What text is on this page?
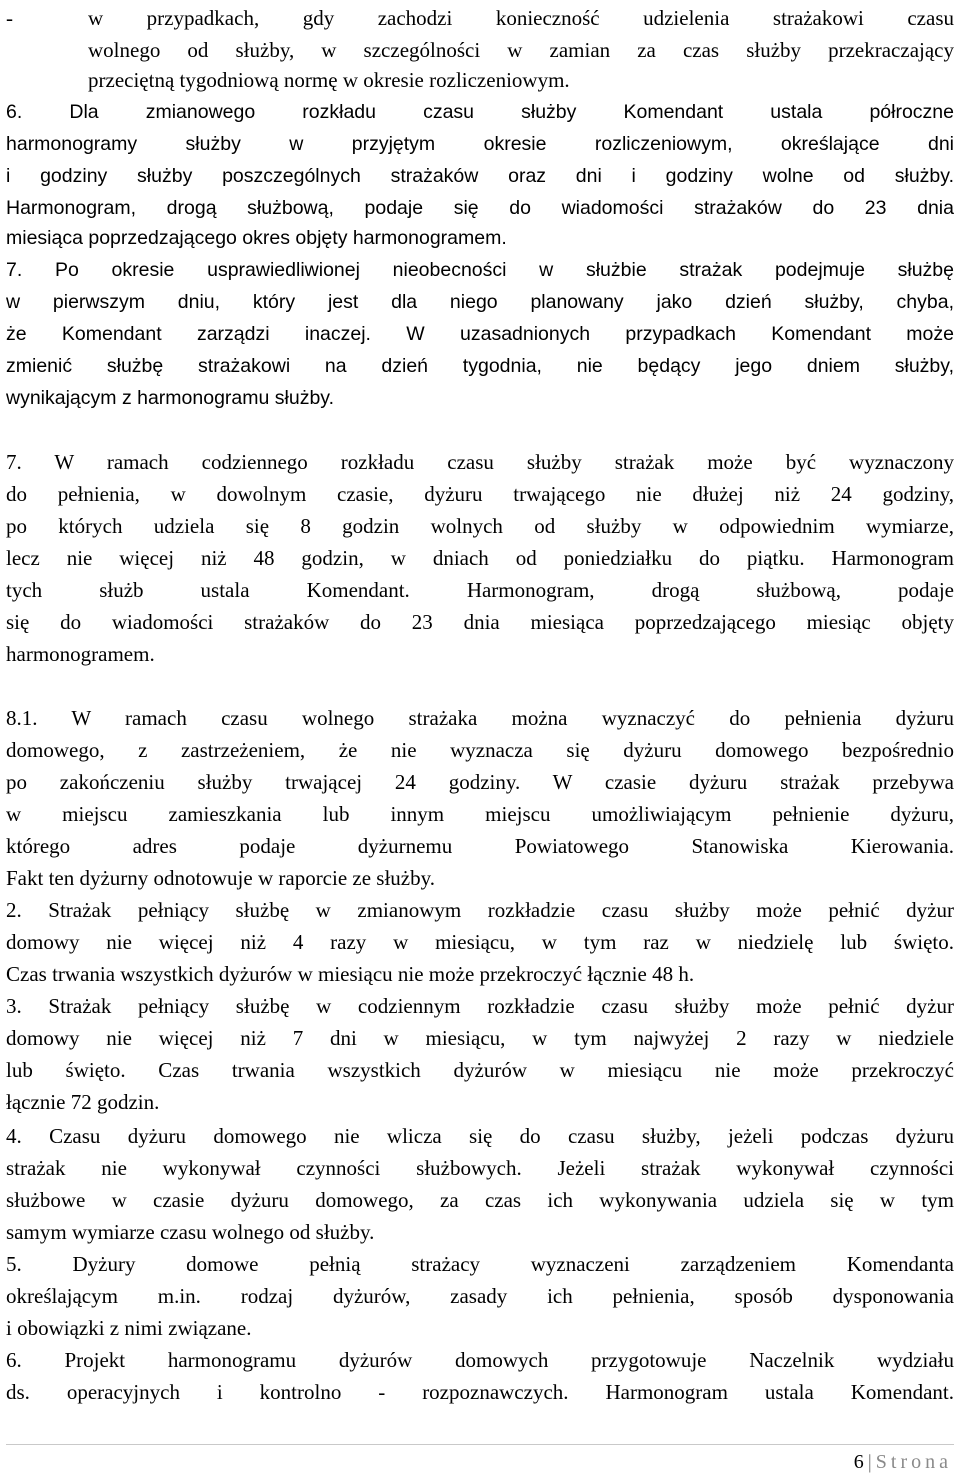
-	w przypadkach, gdy zachodzi konieczność udzielenia strażakowi czasu
wolnego od służby, w szczególności w zamian za czas służby przekraczający
przeciętną tygodniową normę w okresie rozliczeniowym.
6. Dla zmianowego rozkładu czasu służby Komendant ustala półroczne
harmonogramy służby w przyjętym okresie rozliczeniowym, określające dni
i godziny służby poszczególnych strażaków oraz dni i godziny wolne od służby.
Harmonogram, drogą służbową, podaje się do wiadomości strażaków do 23 dnia
miesiąca poprzedzającego okres objęty harmonogramem.
7. Po okresie usprawiedliwionej nieobecności w służbie strażak podejmuje służbę
w pierwszym dniu, który jest dla niego planowany jako dzień służby, chyba,
że Komendant zarządzi inaczej. W uzasadnionych przypadkach Komendant może
zmienić służbę strażakowi na dzień tygodnia, nie będący jego dniem służby,
wynikającym z harmonogramu służby.
7. W ramach codziennego rozkładu czasu służby strażak może być wyznaczony
do pełnienia, w dowolnym czasie, dyżuru trwającego nie dłużej niż 24 godziny,
po których udziela się 8 godzin wolnych od służby w odpowiednim wymiarze,
lecz nie więcej niż 48 godzin, w dniach od poniedziałku do piątku. Harmonogram
tych służb ustala Komendant. Harmonogram, drogą służbową, podaje
się do wiadomości strażaków do 23 dnia miesiąca poprzedzającego miesiąc objęty
harmonogramem.
8.1. W ramach czasu wolnego strażaka można wyznaczyć do pełnienia dyżuru
domowego, z zastrzeżeniem, że nie wyznacza się dyżuru domowego bezpośrednio
po zakończeniu służby trwającej 24 godziny. W czasie dyżuru strażak przebywa
w miejscu zamieszkania lub innym miejscu umożliwiającym pełnienie dyżuru,
którego adres podaje dyżurnemu Powiatowego Stanowiska Kierowania.
Fakt ten dyżurny odnotowuje w raporcie ze służby.
2. Strażak pełniący służbę w zmianowym rozkładzie czasu służby może pełnić dyżur
domowy nie więcej niż 4 razy w miesiącu, w tym raz w niedzielę lub święto.
Czas trwania wszystkich dyżurów w miesiącu nie może przekroczyć łącznie 48 h.
3. Strażak pełniący służbę w codziennym rozkładzie czasu służby może pełnić dyżur
domowy nie więcej niż 7 dni w miesiącu, w tym najwyżej 2 razy w niedziele
lub święto. Czas trwania wszystkich dyżurów w miesiącu nie może przekroczyć
łącznie 72 godzin.
4. Czasu dyżuru domowego nie wlicza się do czasu służby, jeżeli podczas dyżuru
strażak nie wykonywał czynności służbowych. Jeżeli strażak wykonywał czynności
służbowe w czasie dyżuru domowego, za czas ich wykonywania udziela się w tym
samym wymiarze czasu wolnego od służby.
5. Dyżury domowe pełnią strażacy wyznaczeni zarządzeniem Komendanta
określającym m.in. rodzaj dyżurów, zasady ich pełnienia, sposób dysponowania
i obowiązki z nimi związane.
6. Projekt harmonogramu dyżurów domowych przygotowuje Naczelnik wydziału
ds. operacyjnych i kontrolno - rozpoznawczych. Harmonogram ustala Komendant.
6 | Strona
